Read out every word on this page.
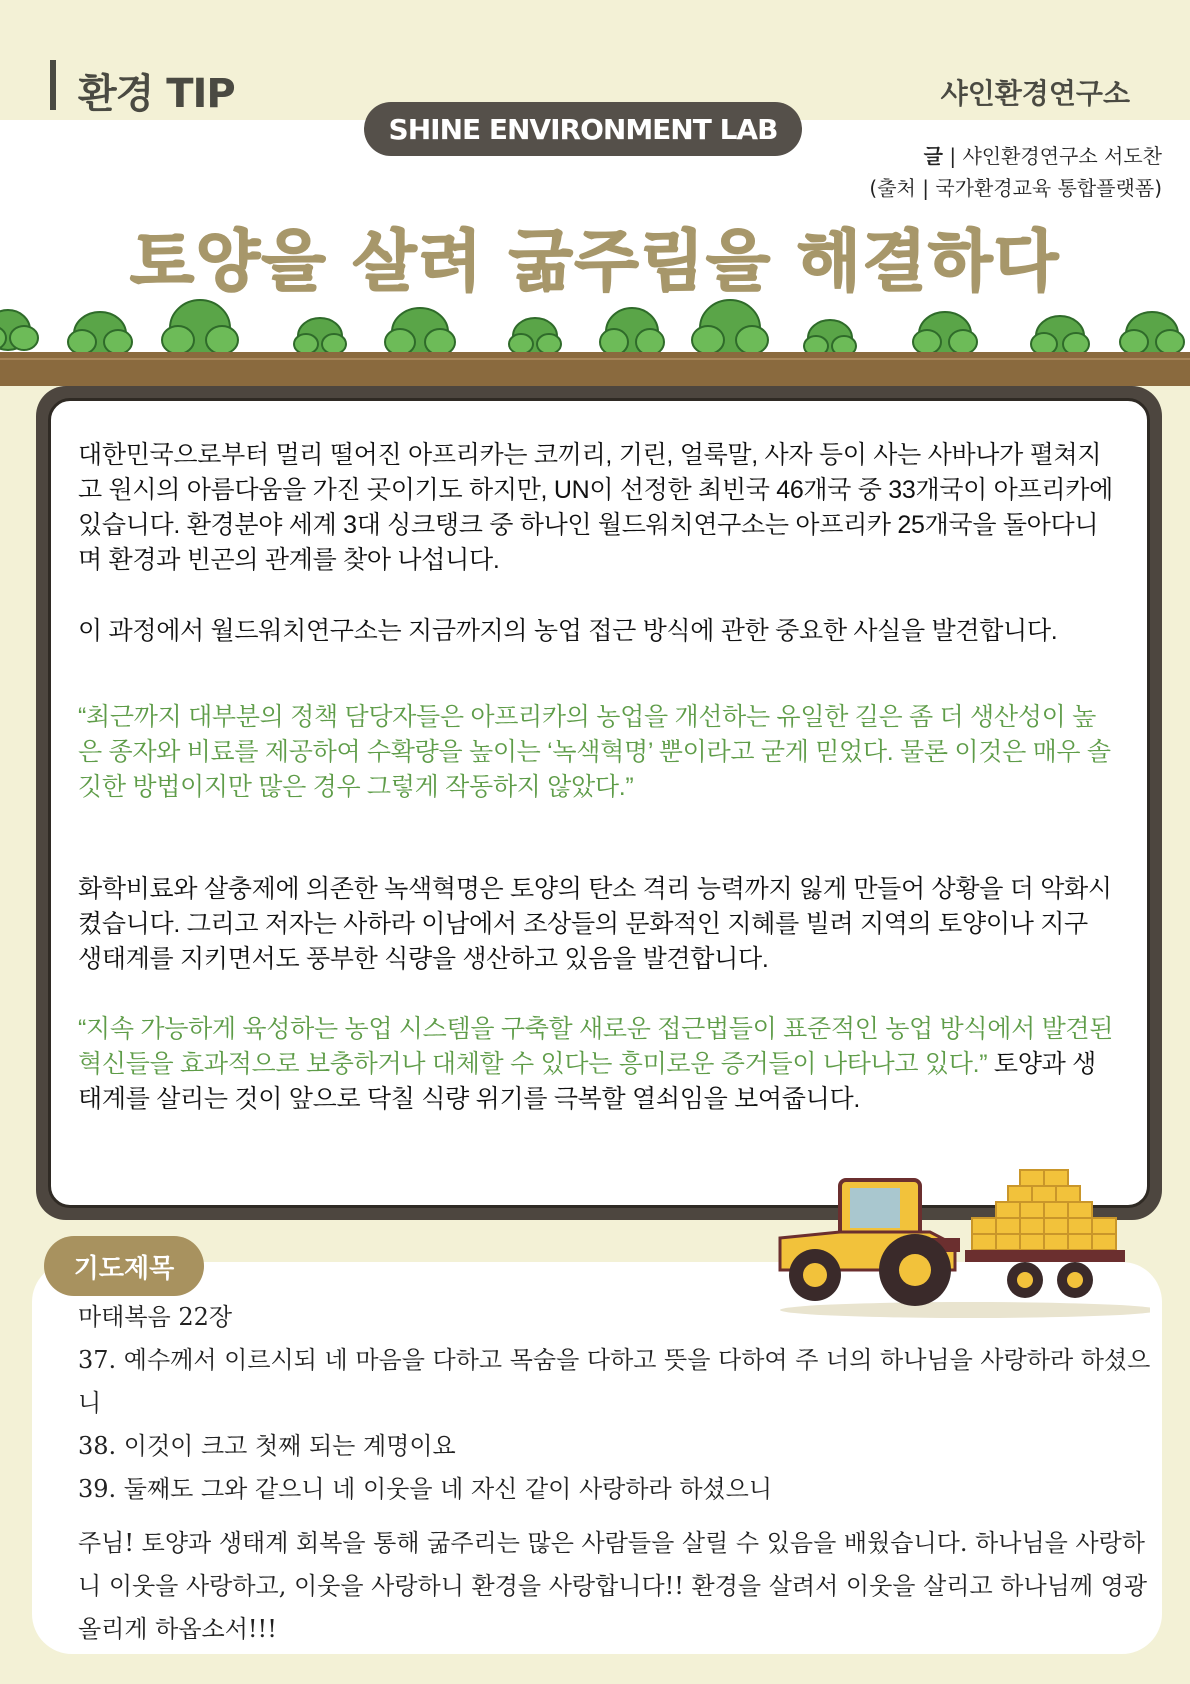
환경 TIP	샤인환경연구소
SHINE ENVIRONMENT LAB
글 | 샤인환경연구소 서도찬
(출처 | 국가환경교육 통합플랫폼)
토양을 살려 굶주림을 해결하다
대한민국으로부터 멀리 떨어진 아프리카는 코끼리, 기린, 얼룩말, 사자 등이 사는 사바나가 펼쳐지고 원시의 아름다움을 가진 곳이기도 하지만, UN이 선정한 최빈국 46개국 중 33개국이 아프리카에 있습니다. 환경분야 세계 3대 싱크탱크 중 하나인 월드워치연구소는 아프리카 25개국을 돌아다니며 환경과 빈곤의 관계를 찾아 나섭니다.
이 과정에서 월드워치연구소는 지금까지의 농업 접근 방식에 관한 중요한 사실을 발견합니다.
“최근까지 대부분의 정책 담당자들은 아프리카의 농업을 개선하는 유일한 길은 좀 더 생산성이 높은 종자와 비료를 제공하여 수확량을 높이는 ‘녹색혁명’ 뿐이라고 굳게 믿었다. 물론 이것은 매우 솔깃한 방법이지만 많은 경우 그렇게 작동하지 않았다.”
화학비료와 살충제에 의존한 녹색혁명은 토양의 탄소 격리 능력까지 잃게 만들어 상황을 더 악화시켰습니다. 그리고 저자는 사하라 이남에서 조상들의 문화적인 지혜를 빌려 지역의 토양이나 지구 생태계를 지키면서도 풍부한 식량을 생산하고 있음을 발견합니다.
“지속 가능하게 육성하는 농업 시스템을 구축할 새로운 접근법들이 표준적인 농업 방식에서 발견된 혁신들을 효과적으로 보충하거나 대체할 수 있다는 흥미로운 증거들이 나타나고 있다.” 토양과 생태계를 살리는 것이 앞으로 닥칠 식량 위기를 극복할 열쇠임을 보여줍니다.
기도제목
마태복음 22장
37. 예수께서 이르시되 네 마음을 다하고 목숨을 다하고 뜻을 다하여 주 너의 하나님을 사랑하라 하셨으니
38. 이것이 크고 첫째 되는 계명이요
39. 둘째도 그와 같으니 네 이웃을 네 자신 같이 사랑하라 하셨으니
주님! 토양과 생태계 회복을 통해 굶주리는 많은 사람들을 살릴 수 있음을 배웠습니다. 하나님을 사랑하니 이웃을 사랑하고, 이웃을 사랑하니 환경을 사랑합니다!! 환경을 살려서 이웃을 살리고 하나님께 영광 올리게 하옵소서!!!
